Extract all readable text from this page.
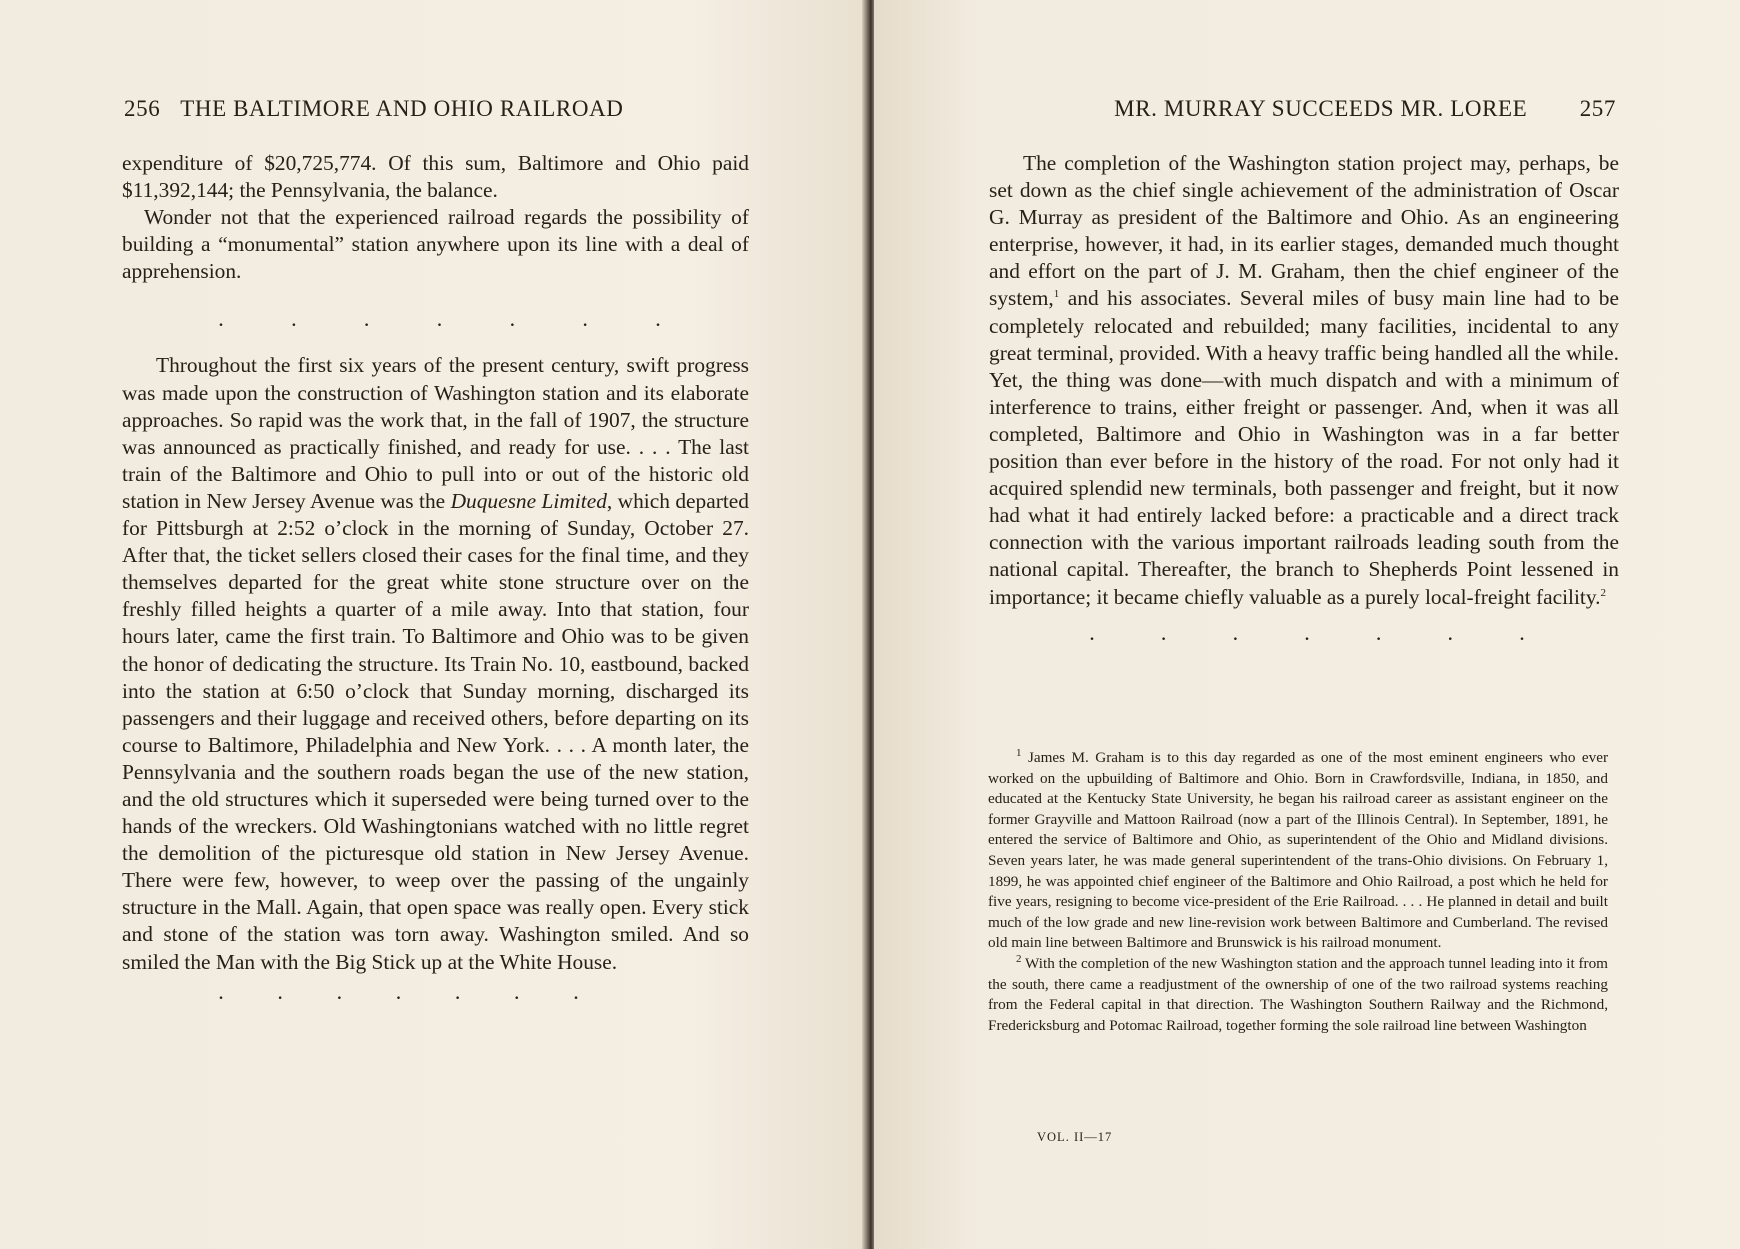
256 THE BALTIMORE AND OHIO RAILROAD

expenditure of $20,725,774. Of this sum, Baltimore and Ohio paid $11,392,144; the Pennsylvania, the balance.

Wonder not that the experienced railroad regards the possibility of building a “monumental” station anywhere upon its line with a deal of apprehension.

.	.	.	.	.	.	.

Throughout the first six years of the present century, swift progress was made upon the construction of Washington station and its elaborate approaches. So rapid was the work that, in the fall of 1907, the structure was announced as practically finished, and ready for use. . . . The last train of the Baltimore and Ohio to pull into or out of the historic old station in New Jersey Avenue was the Duquesne Limited, which departed for Pittsburgh at 2:52 o’clock in the morning of Sunday, October 27. After that, the ticket sellers closed their cases for the final time, and they themselves departed for the great white stone structure over on the freshly filled heights a quarter of a mile away. Into that station, four hours later, came the first train. To Baltimore and Ohio was to be given the honor of dedicating the structure. Its Train No. 10, eastbound, backed into the station at 6:50 o’clock that Sunday morning, discharged its passengers and their luggage and received others, before departing on its course to Baltimore, Philadelphia and New York. . . . A month later, the Pennsylvania and the southern roads began the use of the new station, and the old structures which it superseded were being turned over to the hands of the wreckers. Old Washingtonians watched with no little regret the demolition of the picturesque old station in New Jersey Avenue. There were few, however, to weep over the passing of the ungainly structure in the Mall. Again, that open space was really open. Every stick and stone of the station was torn away. Washington smiled. And so smiled the Man with the Big Stick up at the White House.

. . . . . . .
MR. MURRAY SUCCEEDS MR. LOREE 257

The completion of the Washington station project may, perhaps, be set down as the chief single achievement of the administration of Oscar G. Murray as president of the Baltimore and Ohio. As an engineering enterprise, however, it had, in its earlier stages, demanded much thought and effort on the part of J. M. Graham, then the chief engineer of the system,$^1$ and his associates. Several miles of busy main line had to be completely relocated and rebuilded; many facilities, incidental to any great terminal, provided. With a heavy traffic being handled all the while. Yet, the thing was done—with much dispatch and with a minimum of interference to trains, either freight or passenger. And, when it was all completed, Baltimore and Ohio in Washington was in a far better position than ever before in the history of the road. For not only had it acquired splendid new terminals, both passenger and freight, but it now had what it had entirely lacked before: a practicable and a direct track connection with the various important railroads leading south from the national capital. Thereafter, the branch to Shepherds Point lessened in importance; it became chiefly valuable as a purely local-freight facility.$^2$

.	.	.	.	.	.	.

$^1$ James M. Graham is to this day regarded as one of the most eminent engineers who ever worked on the upbuilding of Baltimore and Ohio. Born in Crawfordsville, Indiana, in 1850, and educated at the Kentucky State University, he began his railroad career as assistant engineer on the former Grayville and Mattoon Railroad (now a part of the Illinois Central). In September, 1891, he entered the service of Baltimore and Ohio, as superintendent of the Ohio and Midland divisions. Seven years later, he was made general superintendent of the trans-Ohio divisions. On February 1, 1899, he was appointed chief engineer of the Baltimore and Ohio Railroad, a post which he held for five years, resigning to become vice-president of the Erie Railroad. . . . He planned in detail and built much of the low grade and new line-revision work between Baltimore and Cumberland. The revised old main line between Baltimore and Brunswick is his railroad monument.

$^2$ With the completion of the new Washington station and the approach tunnel leading into it from the south, there came a readjustment of the ownership of one of the two railroad systems reaching from the Federal capital in that direction. The Washington Southern Railway and the Richmond, Fredericksburg and Potomac Railroad, together forming the sole railroad line between Washington

VOL. II—17
